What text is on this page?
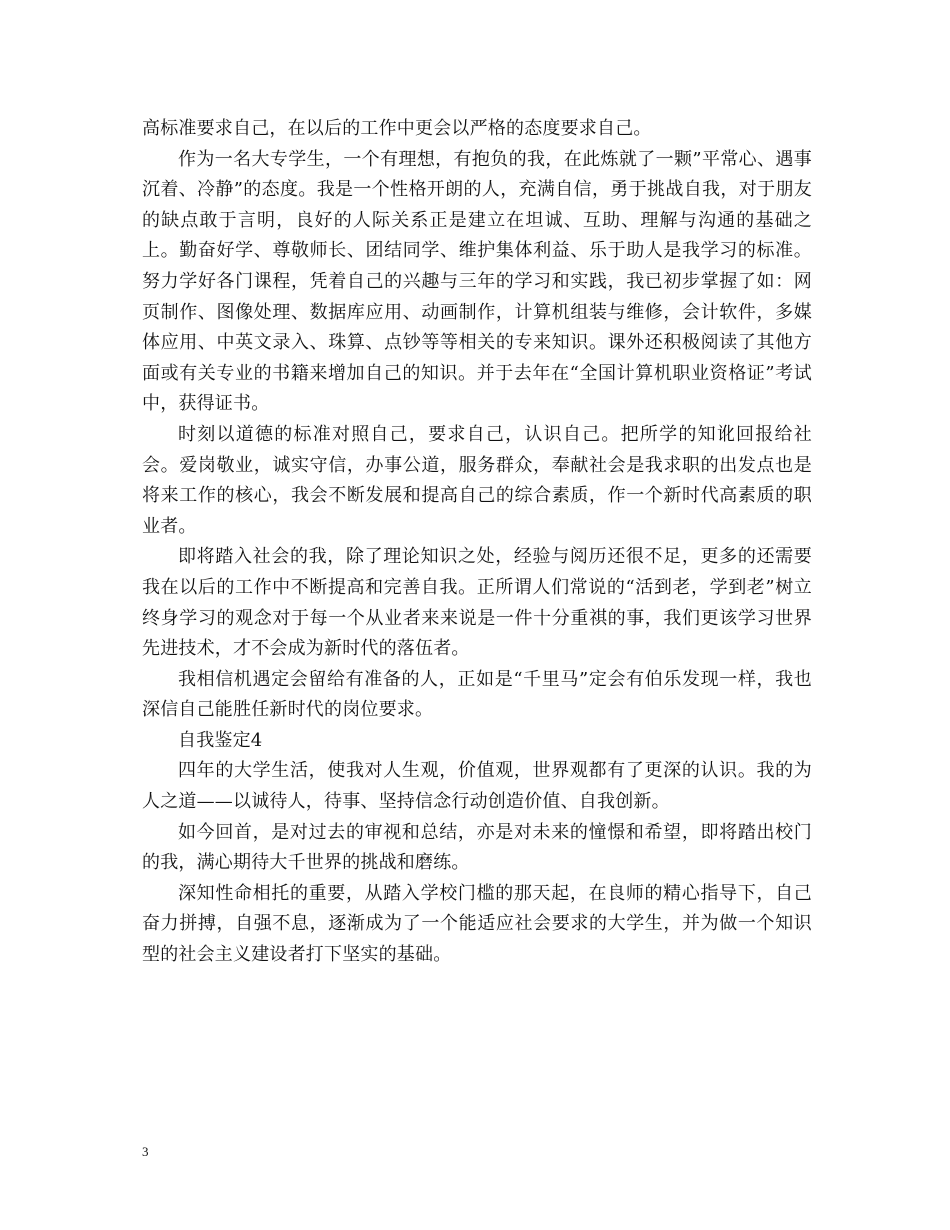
高标准要求自己，在以后的工作中更会以严格的态度要求自己。

作为一名大专学生，一个有理想，有抱负的我，在此炼就了一颗”平常心、遇事沉着、冷静”的态度。我是一个性格开朗的人，充满自信，勇于挑战自我，对于朋友的缺点敢于言明，良好的人际关系正是建立在坦诚、互助、理解与沟通的基础之上。勤奋好学、尊敬师长、团结同学、维护集体利益、乐于助人是我学习的标准。努力学好各门课程，凭着自己的兴趣与三年的学习和实践，我已初步掌握了如：网页制作、图像处理、数据库应用、动画制作，计算机组装与维修，会计软件，多媒体应用、中英文录入、珠算、点钞等等相关的专来知识。课外还积极阅读了其他方面或有关专业的书籍来增加自己的知识。并于去年在“全国计算机职业资格证”考试中，获得证书。

时刻以道德的标准对照自己，要求自己，认识自己。把所学的知讹回报给社会。爱岗敬业，诚实守信，办事公道，服务群众，奉献社会是我求职的出发点也是将来工作的核心，我会不断发展和提高自己的综合素质，作一个新时代高素质的职业者。

即将踏入社会的我，除了理论知识之处，经验与阅历还很不足，更多的还需要我在以后的工作中不断提高和完善自我。正所谓人们常说的“活到老，学到老”树立终身学习的观念对于每一个从业者来来说是一件十分重祺的事，我们更该学习世界先进技术，才不会成为新时代的落伍者。

我相信机遇定会留给有准备的人，正如是“千里马”定会有伯乐发现一样，我也深信自己能胜任新时代的岗位要求。

自我鉴定4

四年的大学生活，使我对人生观，价值观，世界观都有了更深的认识。我的为人之道——以诚待人，待事、坚持信念行动创造价值、自我创新。

如今回首，是对过去的审视和总结，亦是对未来的憧憬和希望，即将踏出校门的我，满心期待大千世界的挑战和磨练。

深知性命相托的重要，从踏入学校门槛的那天起，在良师的精心指导下，自己奋力拼搏，自强不息，逐渐成为了一个能适应社会要求的大学生，并为做一个知识型的社会主义建设者打下坚实的基础。

3
